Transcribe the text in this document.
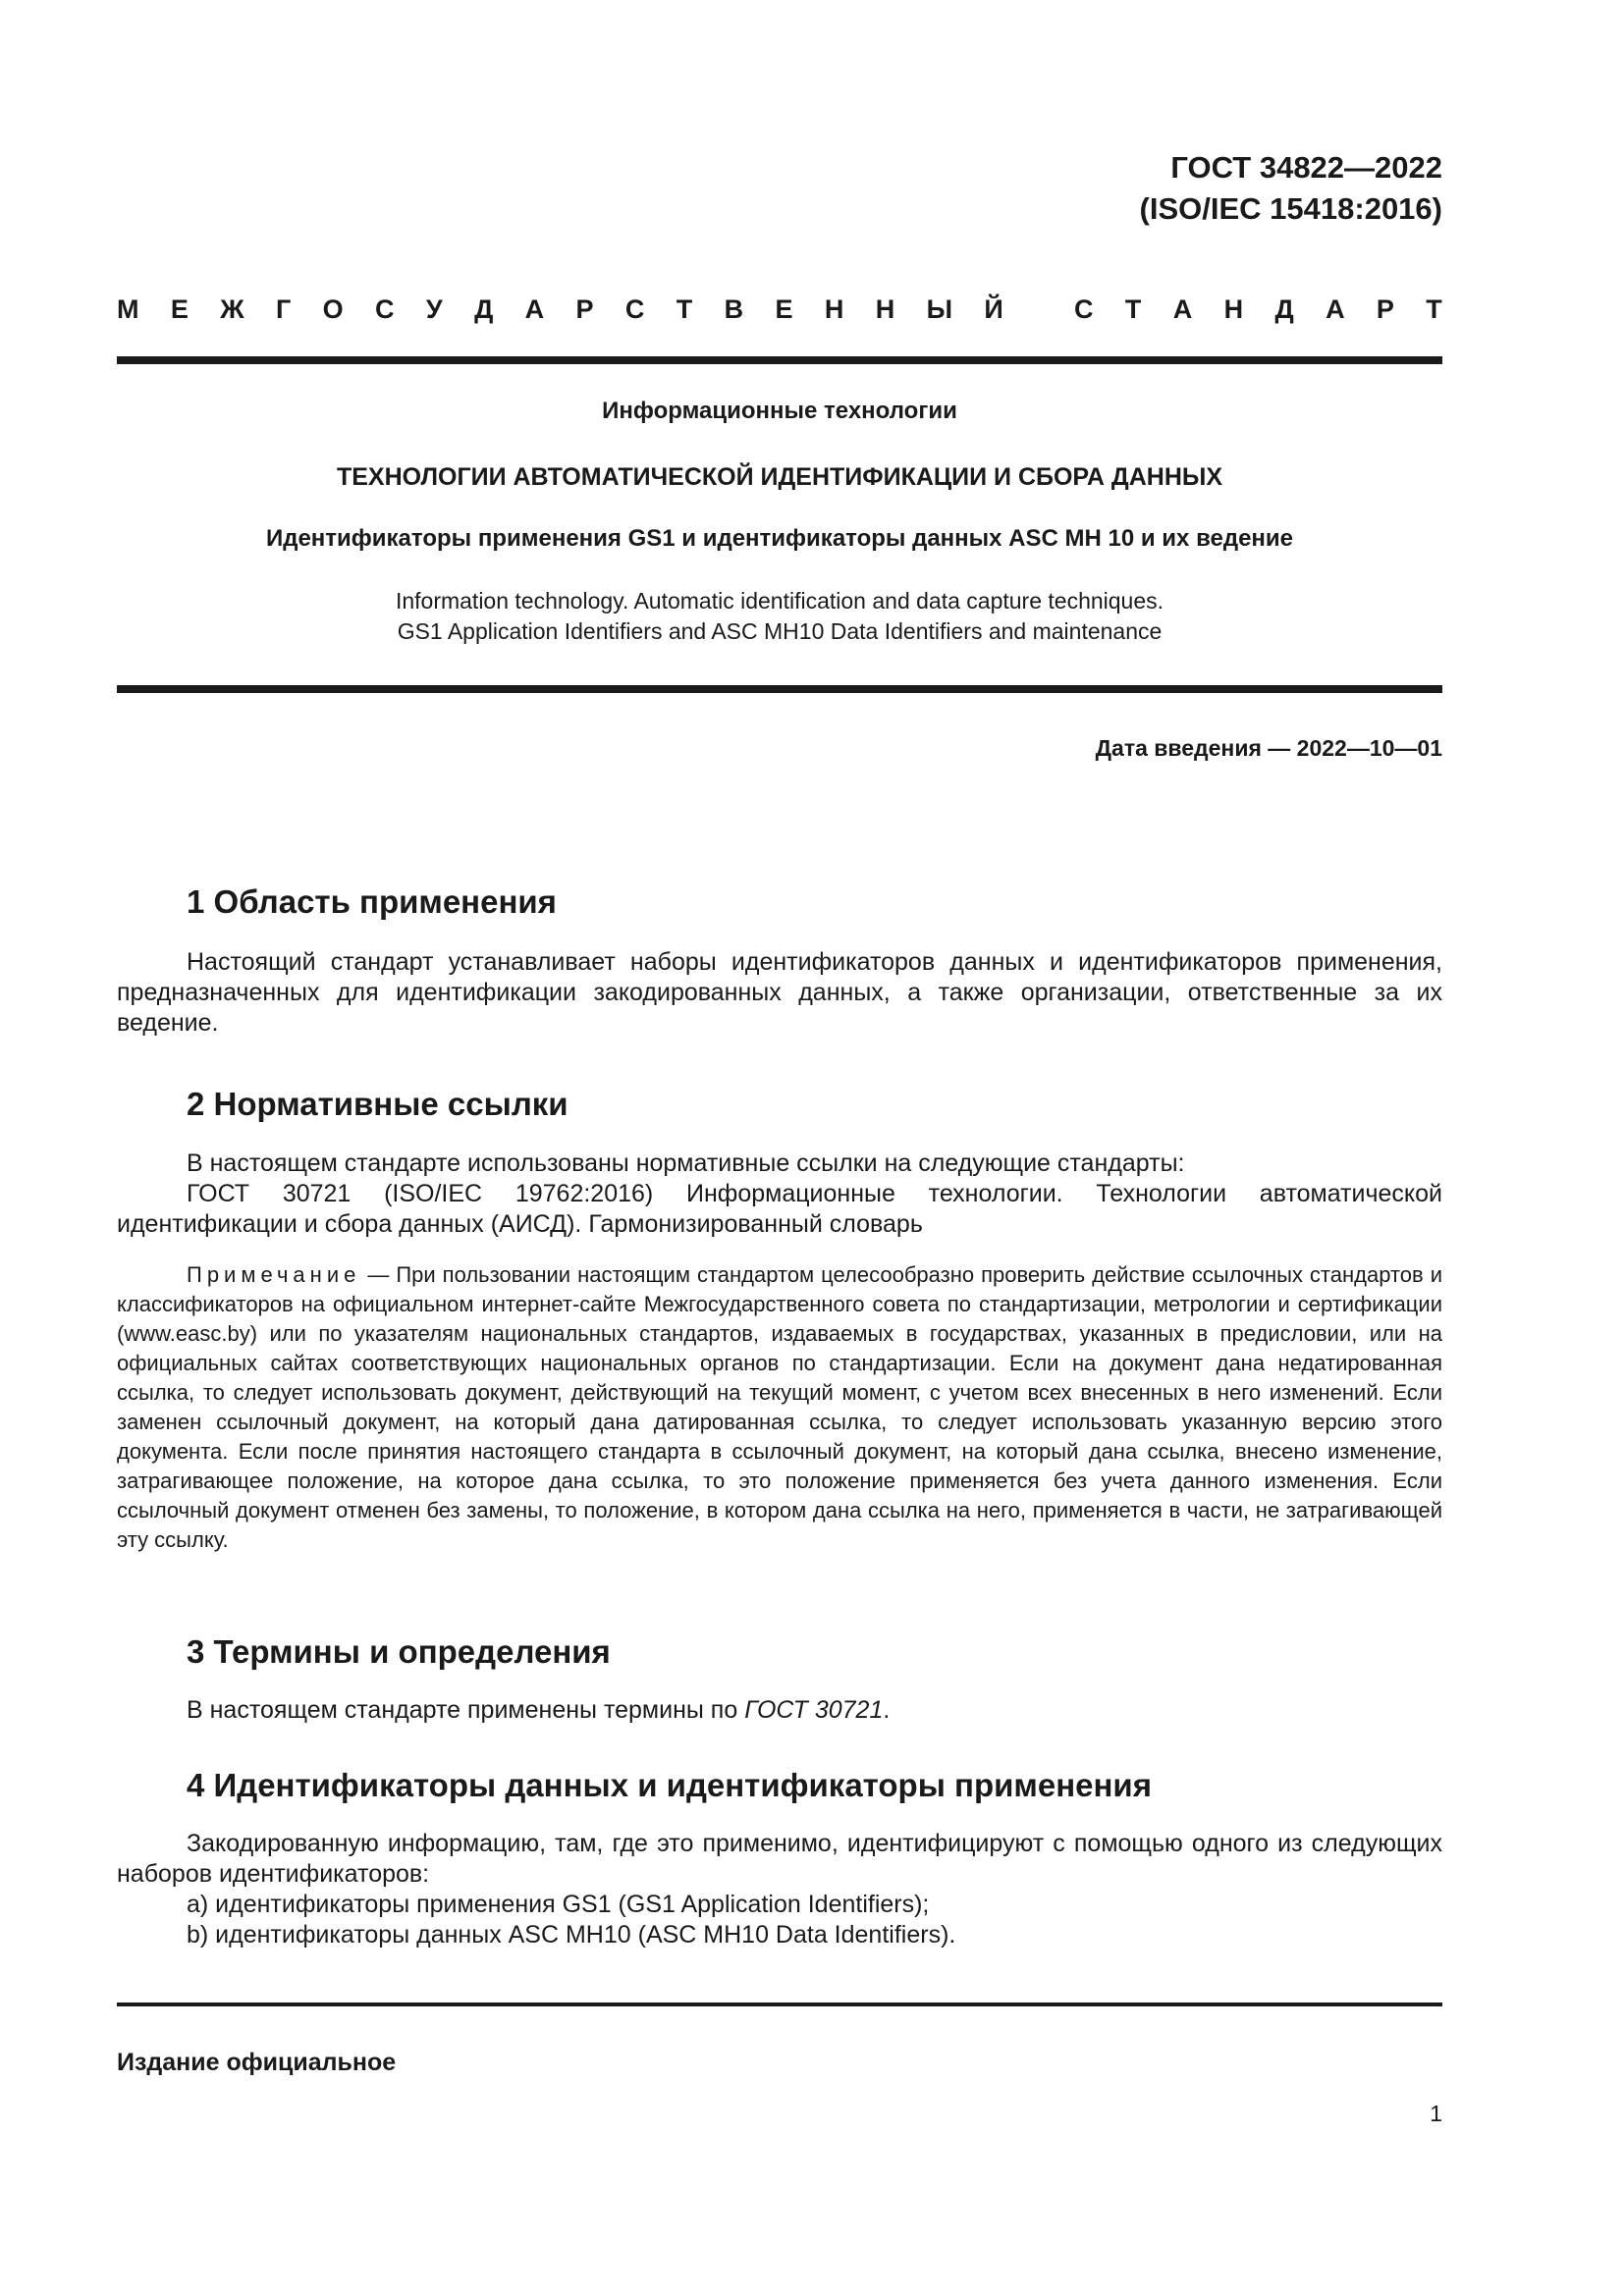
ГОСТ 34822—2022
(ISO/IEC 15418:2016)
М Е Ж Г О С У Д А Р С Т В Е Н Н Ы Й
	С Т А Н Д А Р Т
Информационные технологии
ТЕХНОЛОГИИ АВТОМАТИЧЕСКОЙ ИДЕНТИФИКАЦИИ И СБОРА ДАННЫХ
Идентификаторы применения GS1 и идентификаторы данных ASC MH 10 и их ведение
Information technology. Automatic identification and data capture techniques.
GS1 Application Identifiers and ASC MH10 Data Identifiers and maintenance
Дата введения — 2022—10—01
1 Область применения
Настоящий стандарт устанавливает наборы идентификаторов данных и идентификаторов применения, предназначенных для идентификации закодированных данных, а также организации, ответственные за их ведение.
2 Нормативные ссылки
В настоящем стандарте использованы нормативные ссылки на следующие стандарты:
ГОСТ 30721 (ISO/IEC 19762:2016) Информационные технологии. Технологии автоматической идентификации и сбора данных (АИСД). Гармонизированный словарь
Примечание — При пользовании настоящим стандартом целесообразно проверить действие ссылочных стандартов и классификаторов на официальном интернет-сайте Межгосударственного совета по стандартизации, метрологии и сертификации (www.easc.by) или по указателям национальных стандартов, издаваемых в государствах, указанных в предисловии, или на официальных сайтах соответствующих национальных органов по стандартизации. Если на документ дана недатированная ссылка, то следует использовать документ, действующий на текущий момент, с учетом всех внесенных в него изменений. Если заменен ссылочный документ, на который дана датированная ссылка, то следует использовать указанную версию этого документа. Если после принятия настоящего стандарта в ссылочный документ, на который дана ссылка, внесено изменение, затрагивающее положение, на которое дана ссылка, то это положение применяется без учета данного изменения. Если ссылочный документ отменен без замены, то положение, в котором дана ссылка на него, применяется в части, не затрагивающей эту ссылку.
3 Термины и определения
В настоящем стандарте применены термины по ГОСТ 30721.
4 Идентификаторы данных и идентификаторы применения
Закодированную информацию, там, где это применимо, идентифицируют с помощью одного из следующих наборов идентификаторов:
а) идентификаторы применения GS1 (GS1 Application Identifiers);
b) идентификаторы данных ASC MH10 (ASC MH10 Data Identifiers).
Издание официальное
1
